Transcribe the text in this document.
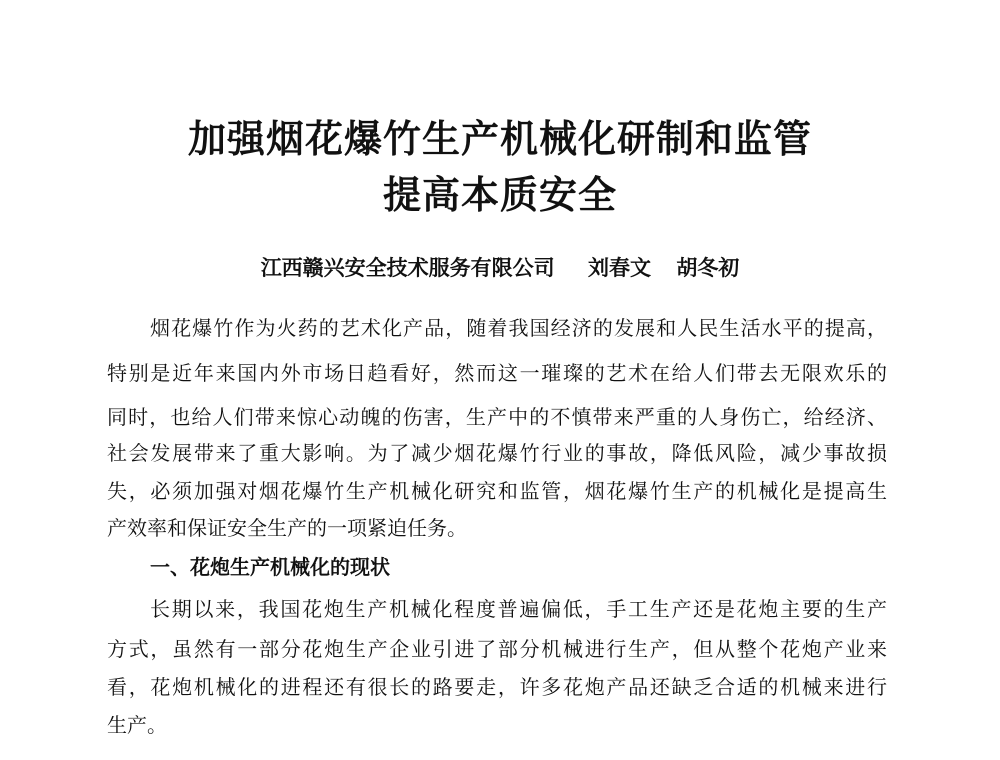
加强烟花爆竹生产机械化研制和监管
提高本质安全
江西赣兴安全技术服务有限公司 刘春文 胡冬初
烟花爆竹作为火药的艺术化产品，随着我国经济的发展和人民生活水平的提高，
特别是近年来国内外市场日趋看好，然而这一璀璨的艺术在给人们带去无限欢乐的
同时，也给人们带来惊心动魄的伤害，生产中的不慎带来严重的人身伤亡，给经济、
社会发展带来了重大影响。为了减少烟花爆竹行业的事故，降低风险，减少事故损
失，必须加强对烟花爆竹生产机械化研究和监管，烟花爆竹生产的机械化是提高生
产效率和保证安全生产的一项紧迫任务。
一、花炮生产机械化的现状
长期以来，我国花炮生产机械化程度普遍偏低，手工生产还是花炮主要的生产
方式，虽然有一部分花炮生产企业引进了部分机械进行生产，但从整个花炮产业来
看，花炮机械化的进程还有很长的路要走，许多花炮产品还缺乏合适的机械来进行
生产。
